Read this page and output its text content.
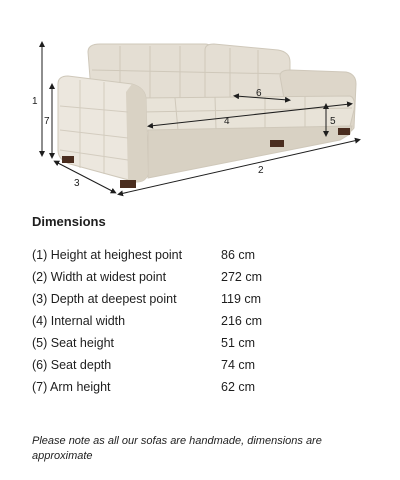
1
7
3
2
4
6
5
Dimensions
(1) Height at heighest point	86 cm
(2) Width at widest point	272 cm
(3) Depth at deepest point	119 cm
(4) Internal width	216 cm
(5) Seat height	51 cm
(6) Seat depth	74 cm
(7) Arm height	62 cm

Please note as all our sofas are handmade, dimensions are approximate
